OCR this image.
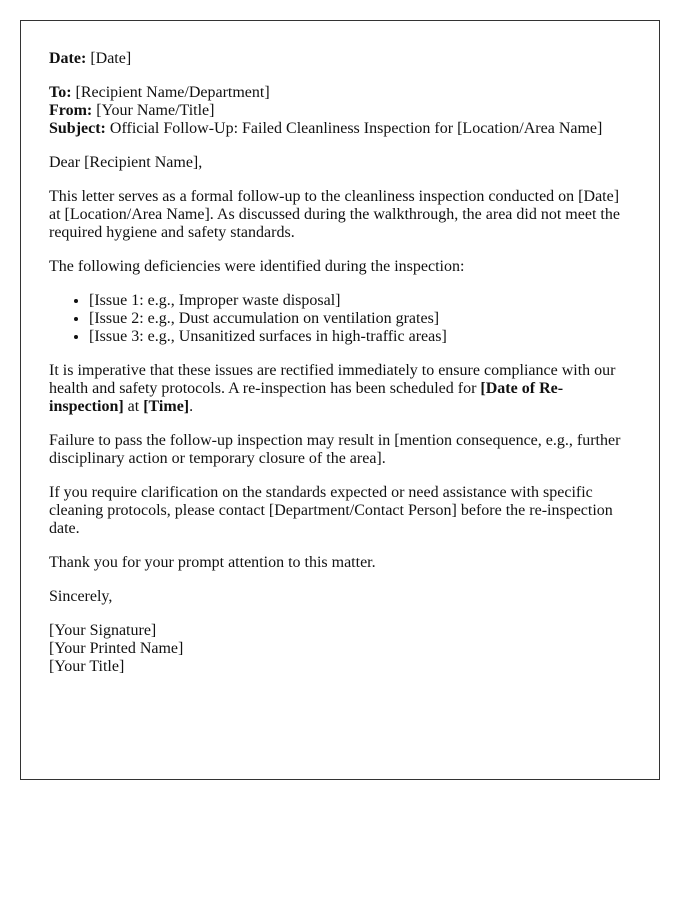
Date: [Date]

To: [Recipient Name/Department]

From: [Your Name/Title]

Subject: Official Follow-Up: Failed Cleanliness Inspection for [Location/Area Name]

Dear [Recipient Name],

This letter serves as a formal follow-up to the cleanliness inspection conducted on [Date] at [Location/Area Name]. As discussed during the walkthrough, the area did not meet the required hygiene and safety standards.

The following deficiencies were identified during the inspection:

• [Issue 1: e.g., Improper waste disposal]
• [Issue 2: e.g., Dust accumulation on ventilation grates]
• [Issue 3: e.g., Unsanitized surfaces in high-traffic areas]

It is imperative that these issues are rectified immediately to ensure compliance with our health and safety protocols. A re-inspection has been scheduled for [Date of Re-inspection] at [Time].

Failure to pass the follow-up inspection may result in [mention consequence, e.g., further disciplinary action or temporary closure of the area].

If you require clarification on the standards expected or need assistance with specific cleaning protocols, please contact [Department/Contact Person] before the re-inspection date.

Thank you for your prompt attention to this matter.

Sincerely,

[Your Signature]

[Your Printed Name]

[Your Title]
